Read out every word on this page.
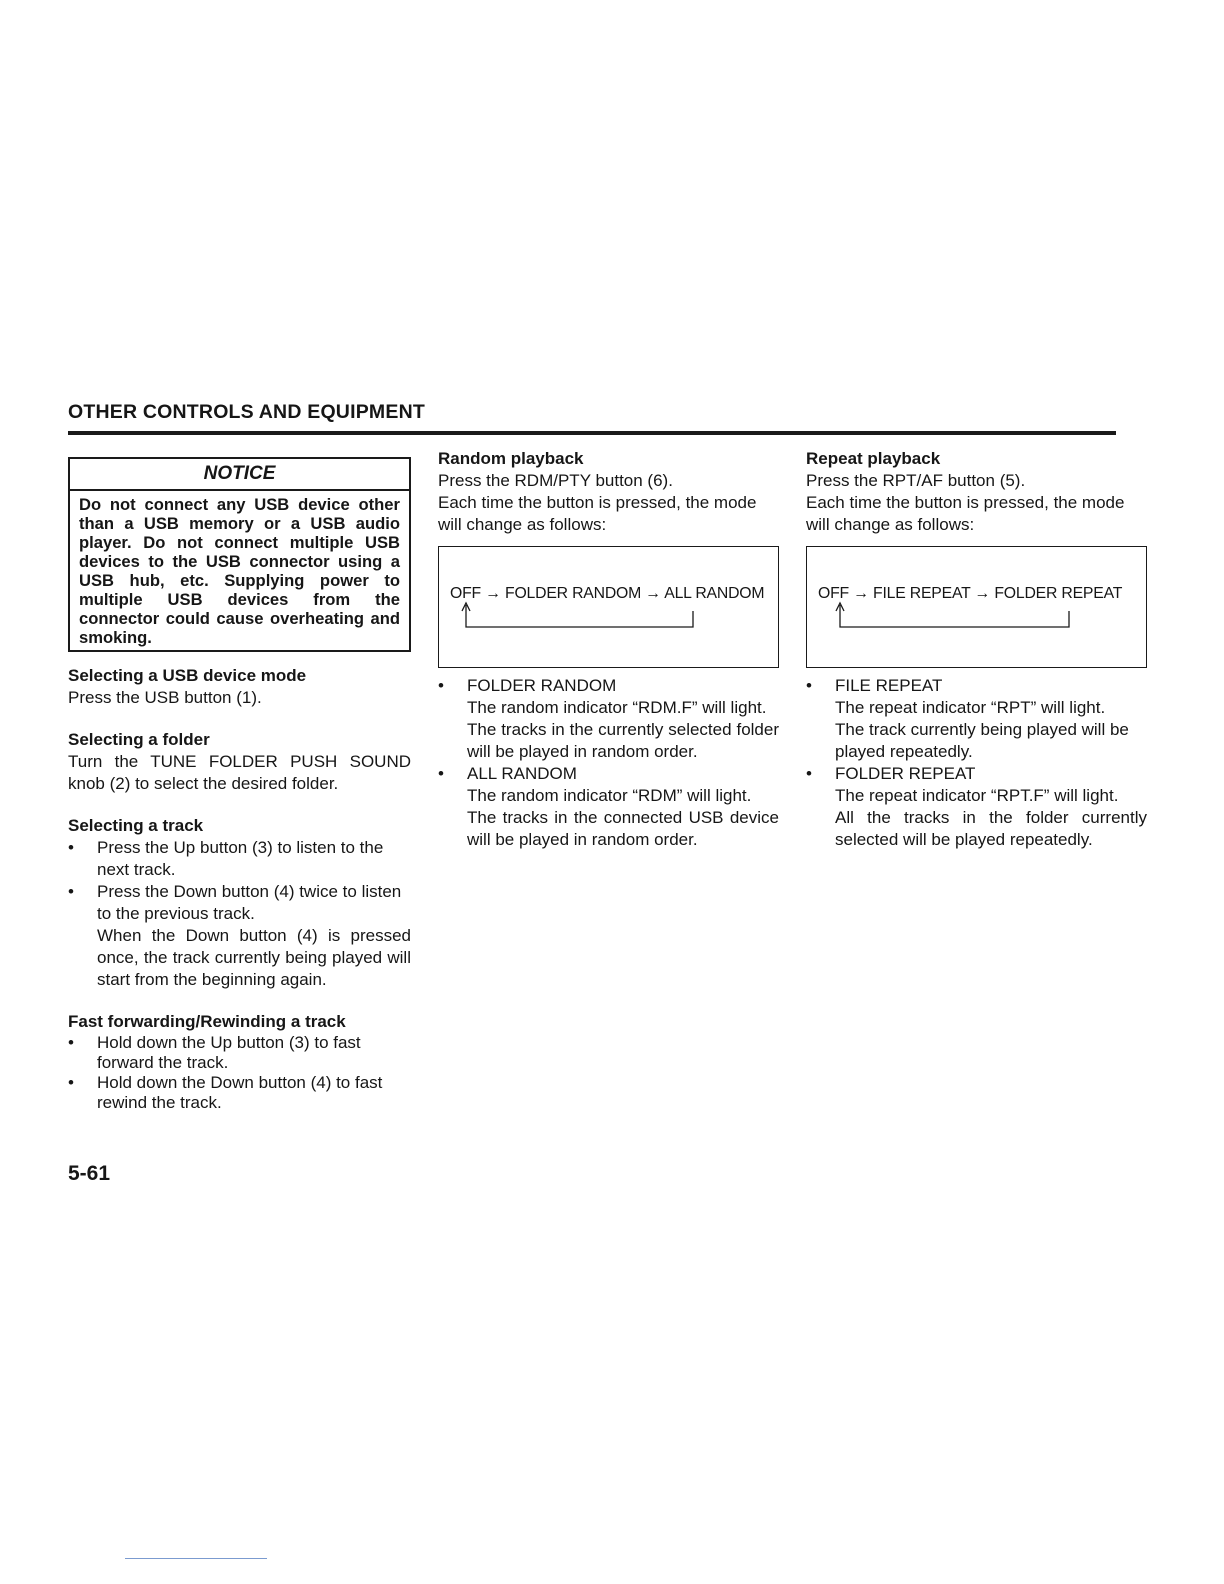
OTHER CONTROLS AND EQUIPMENT
NOTICE
Do not connect any USB device other than a USB memory or a USB audio player. Do not connect multiple USB devices to the USB connector using a USB hub, etc. Supplying power to multiple USB devices from the connector could cause overheating and smoking.

Selecting a USB device mode

Press the USB button (1).

Selecting a folder

Turn the TUNE FOLDER PUSH SOUND knob (2) to select the desired folder.

Selecting a track

• Press the Up button (3) to listen to the next track.
• Press the Down button (4) twice to listen to the previous track.
When the Down button (4) is pressed once, the track currently being played will start from the beginning again.

Fast forwarding/Rewinding a track

• Hold down the Up button (3) to fast forward the track.
• Hold down the Down button (4) to fast rewind the track.

Random playback

Press the RDM/PTY button (6).

Each time the button is pressed, the mode will change as follows:

OFF → FOLDER RANDOM → ALL RANDOM
• FOLDER RANDOM
The random indicator “RDM.F” will light.
The tracks in the currently selected folder will be played in random order.
• ALL RANDOM
The random indicator “RDM” will light.
The tracks in the connected USB device will be played in random order.

Repeat playback

Press the RPT/AF button (5).

Each time the button is pressed, the mode will change as follows:

OFF → FILE REPEAT → FOLDER REPEAT
• FILE REPEAT
The repeat indicator “RPT” will light.
The track currently being played will be played repeatedly.
• FOLDER REPEAT
The repeat indicator “RPT.F” will light.
All the tracks in the folder currently selected will be played repeatedly.
5-61
